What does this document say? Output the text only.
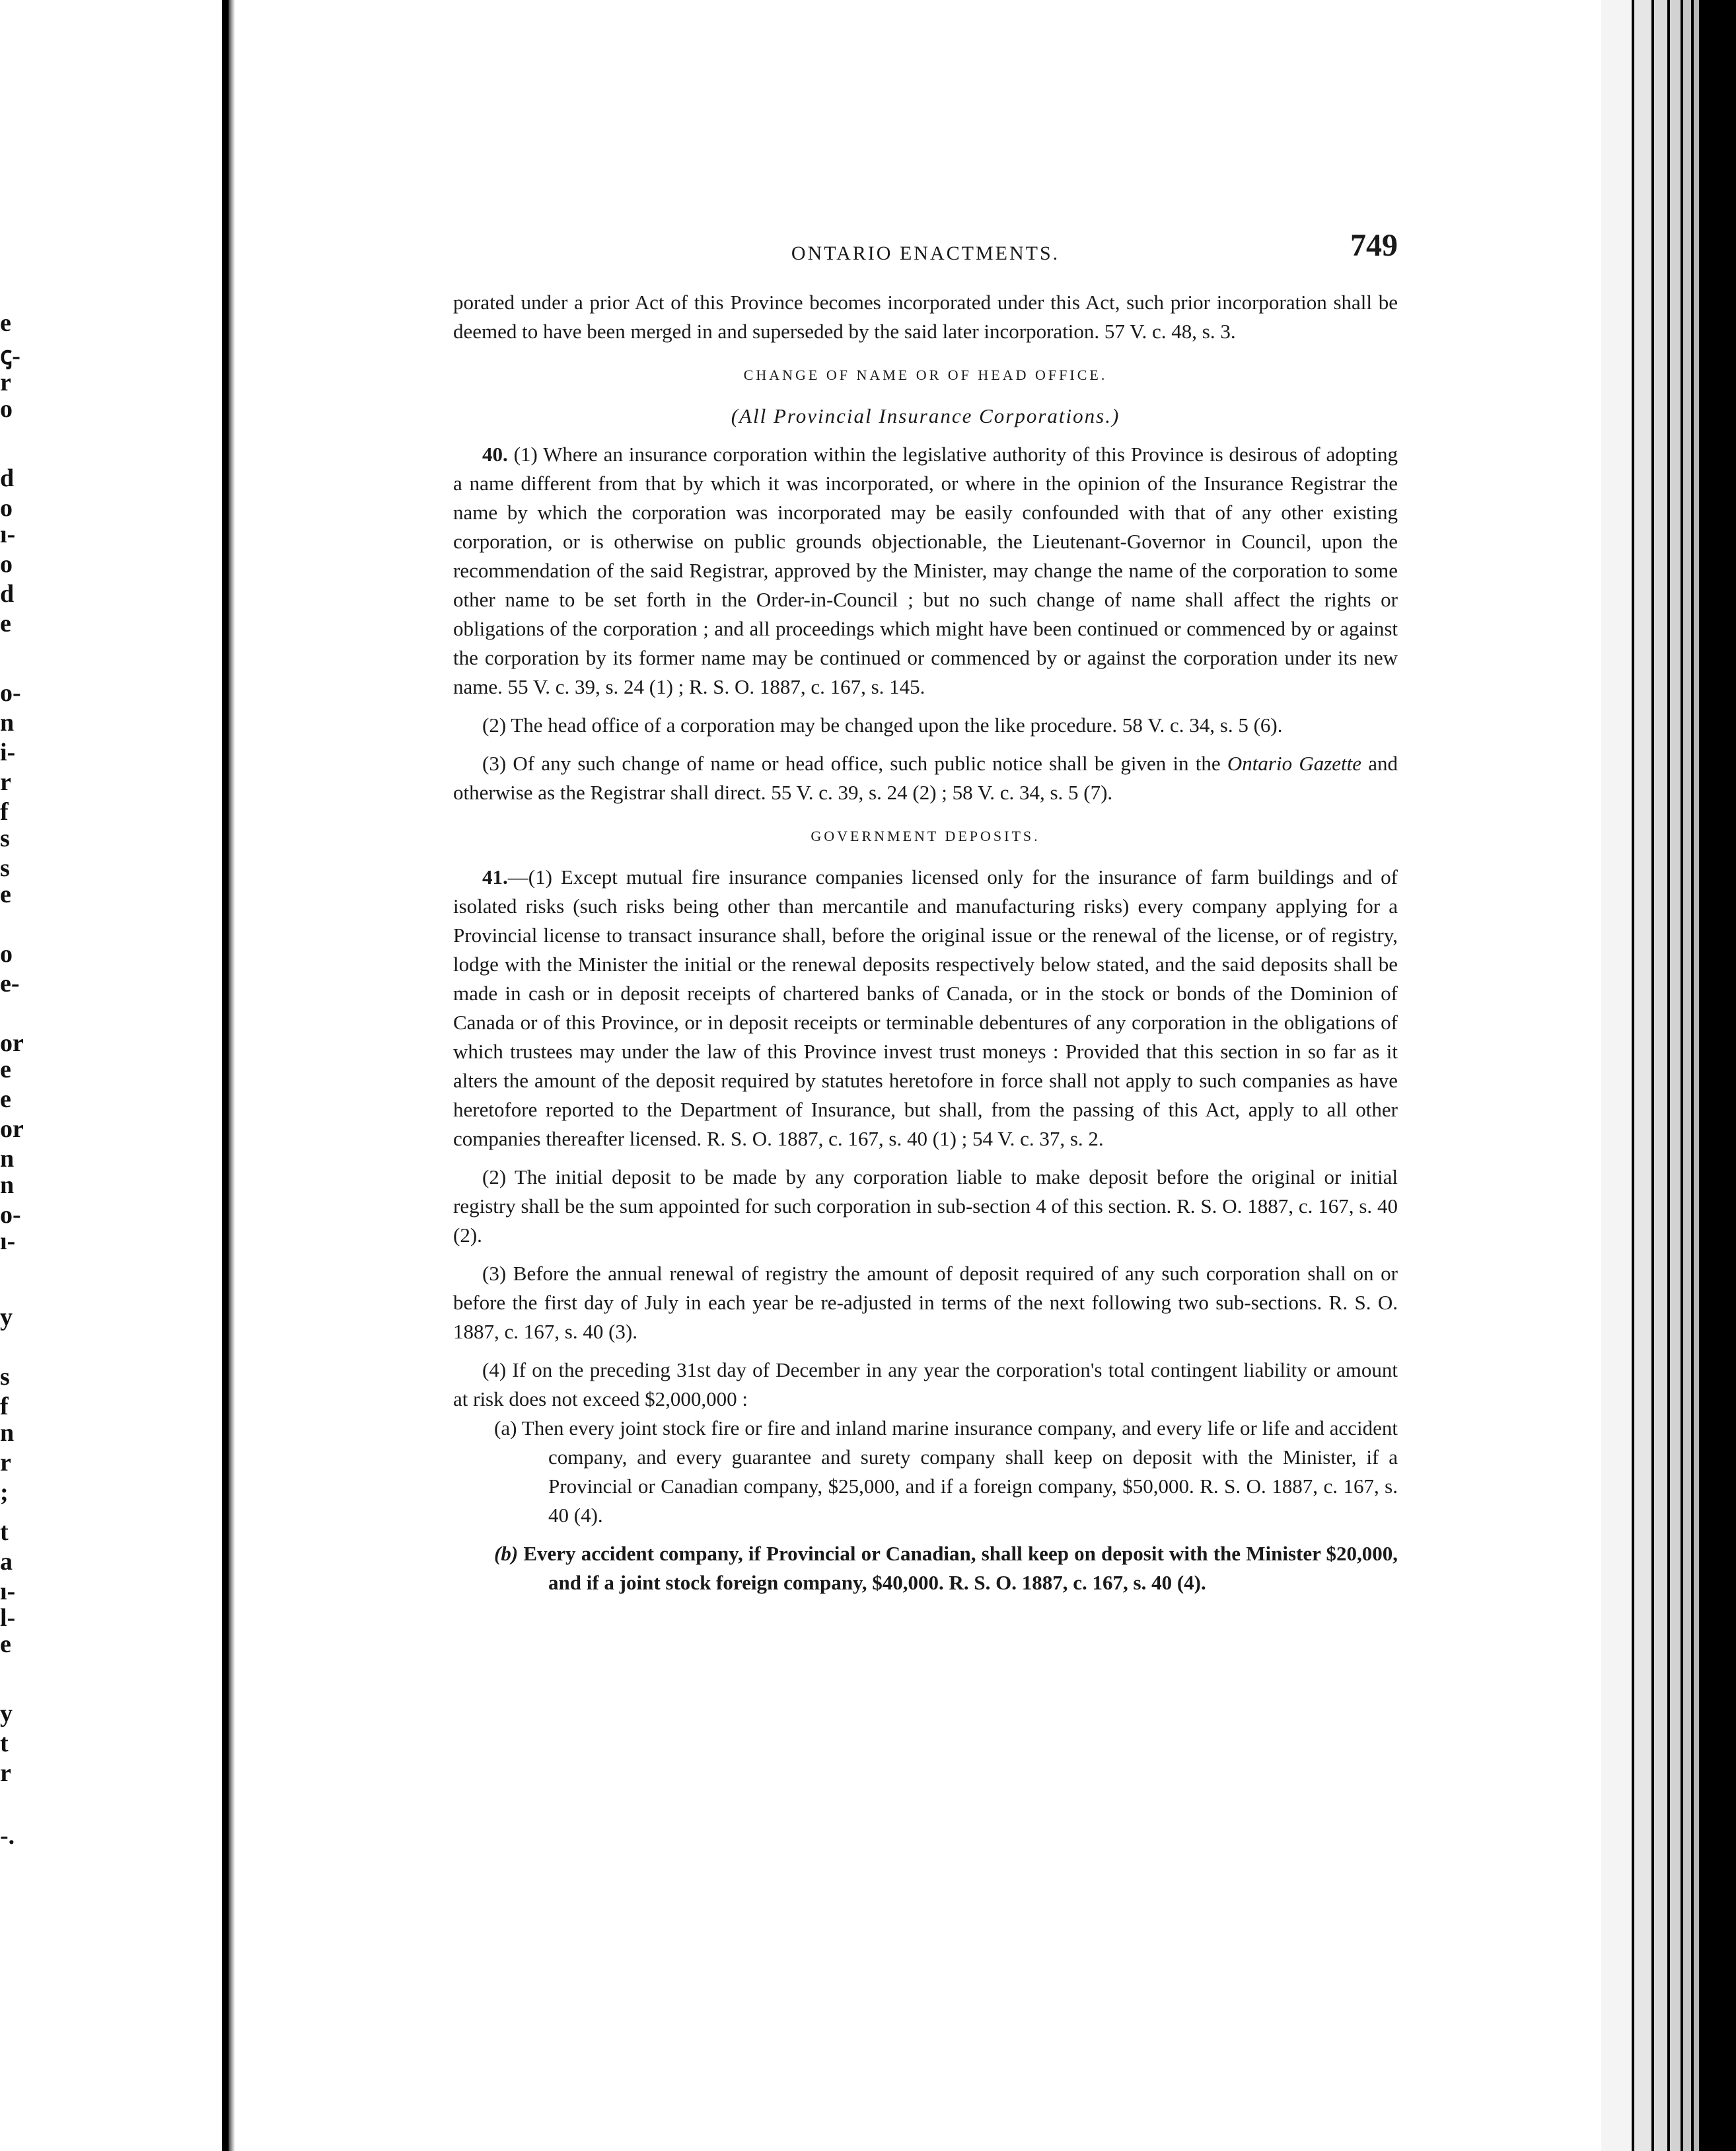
e
ꞔ-
r
o
d
o
ı-
o
d
e
o-
n
i-
r
f
s
s
e
o
e-
or
e
e
or
n
n
o-
ı-
y
s
f
n
r
;
t
a
ı-
l-
e
y
t
r
-.
ONTARIO ENACTMENTS.	749

porated under a prior Act of this Province becomes incorporated under this Act, such prior incorporation shall be deemed to have been merged in and superseded by the said later incorporation. 57 V. c. 48, s. 3.

CHANGE OF NAME OR OF HEAD OFFICE.
(All Provincial Insurance Corporations.)

40. (1) Where an insurance corporation within the legislative authority of this Province is desirous of adopting a name different from that by which it was incorporated, or where in the opinion of the Insurance Registrar the name by which the corporation was incorporated may be easily confounded with that of any other existing corporation, or is otherwise on public grounds objectionable, the Lieutenant-Governor in Council, upon the recommendation of the said Registrar, approved by the Minister, may change the name of the corporation to some other name to be set forth in the Order-in-Council ; but no such change of name shall affect the rights or obligations of the corporation ; and all proceedings which might have been continued or commenced by or against the corporation by its former name may be continued or commenced by or against the corporation under its new name. 55 V. c. 39, s. 24 (1) ; R. S. O. 1887, c. 167, s. 145.

(2) The head office of a corporation may be changed upon the like procedure. 58 V. c. 34, s. 5 (6).

(3) Of any such change of name or head office, such public notice shall be given in the Ontario Gazette and otherwise as the Registrar shall direct. 55 V. c. 39, s. 24 (2) ; 58 V. c. 34, s. 5 (7).

GOVERNMENT DEPOSITS.

41.—(1) Except mutual fire insurance companies licensed only for the insurance of farm buildings and of isolated risks (such risks being other than mercantile and manufacturing risks) every company applying for a Provincial license to transact insurance shall, before the original issue or the renewal of the license, or of registry, lodge with the Minister the initial or the renewal deposits respectively below stated, and the said deposits shall be made in cash or in deposit receipts of chartered banks of Canada, or in the stock or bonds of the Dominion of Canada or of this Province, or in deposit receipts or terminable debentures of any corporation in the obligations of which trustees may under the law of this Province invest trust moneys : Provided that this section in so far as it alters the amount of the deposit required by statutes heretofore in force shall not apply to such companies as have heretofore reported to the Department of Insurance, but shall, from the passing of this Act, apply to all other companies thereafter licensed. R. S. O. 1887, c. 167, s. 40 (1) ; 54 V. c. 37, s. 2.

(2) The initial deposit to be made by any corporation liable to make deposit before the original or initial registry shall be the sum appointed for such corporation in sub-section 4 of this section. R. S. O. 1887, c. 167, s. 40 (2).

(3) Before the annual renewal of registry the amount of deposit required of any such corporation shall on or before the first day of July in each year be re-adjusted in terms of the next following two sub-sections. R. S. O. 1887, c. 167, s. 40 (3).

(4) If on the preceding 31st day of December in any year the corporation's total contingent liability or amount at risk does not exceed $2,000,000 :

(a) Then every joint stock fire or fire and inland marine insurance company, and every life or life and accident company, and every guarantee and surety company shall keep on deposit with the Minister, if a Provincial or Canadian company, $25,000, and if a foreign company, $50,000. R. S. O. 1887, c. 167, s. 40 (4).

(b) Every accident company, if Provincial or Canadian, shall keep on deposit with the Minister $20,000, and if a joint stock foreign company, $40,000. R. S. O. 1887, c. 167, s. 40 (4).
